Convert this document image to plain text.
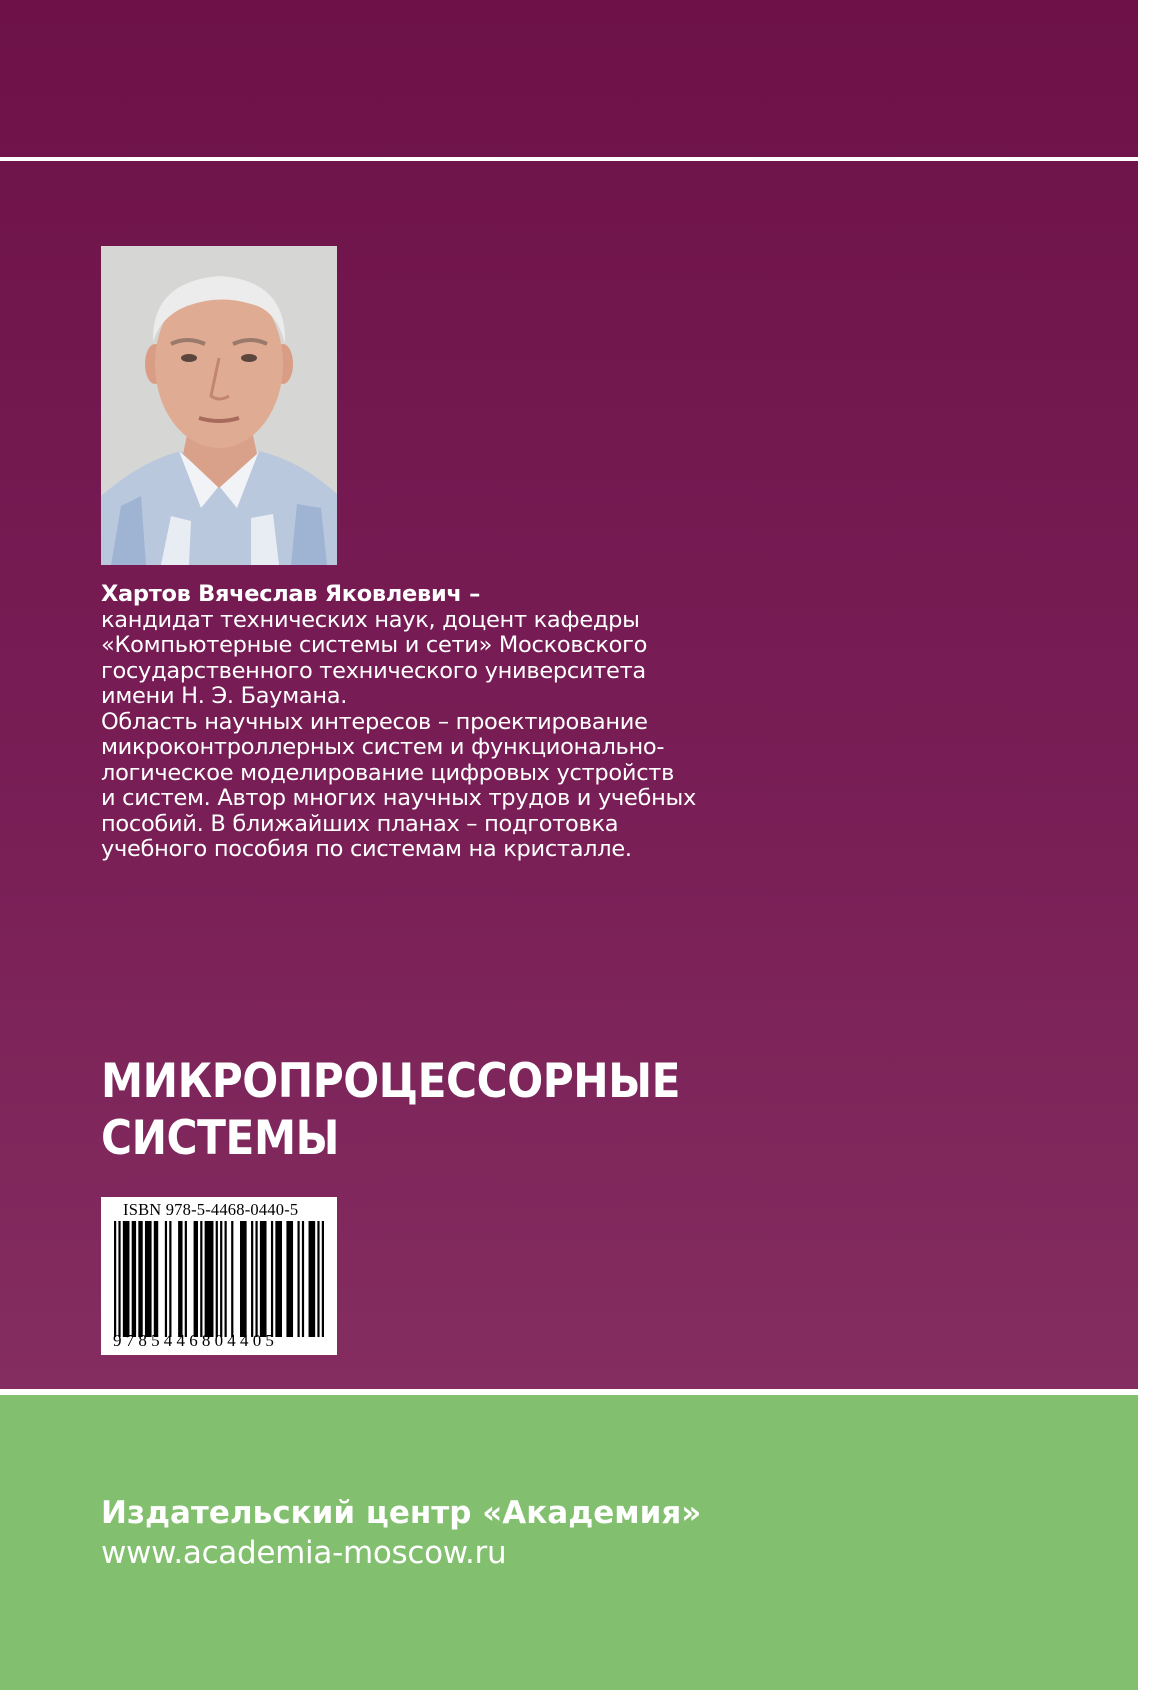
Хартов Вячеслав Яковлевич –
кандидат технических наук, доцент кафедры
«Компьютерные системы и сети» Московского
государственного технического университета
имени Н. Э. Баумана.
Область научных интересов – проектирование
микроконтроллерных систем и функционально-
логическое моделирование цифровых устройств
и систем. Автор многих научных трудов и учебных
пособий. В ближайших планах – подготовка
учебного пособия по системам на кристалле.
МИКРОПРОЦЕССОРНЫЕ
СИСТЕМЫ
ISBN 978-5-4468-0440-5
9785446804405
Издательский центр «Академия»
www.academia-moscow.ru
